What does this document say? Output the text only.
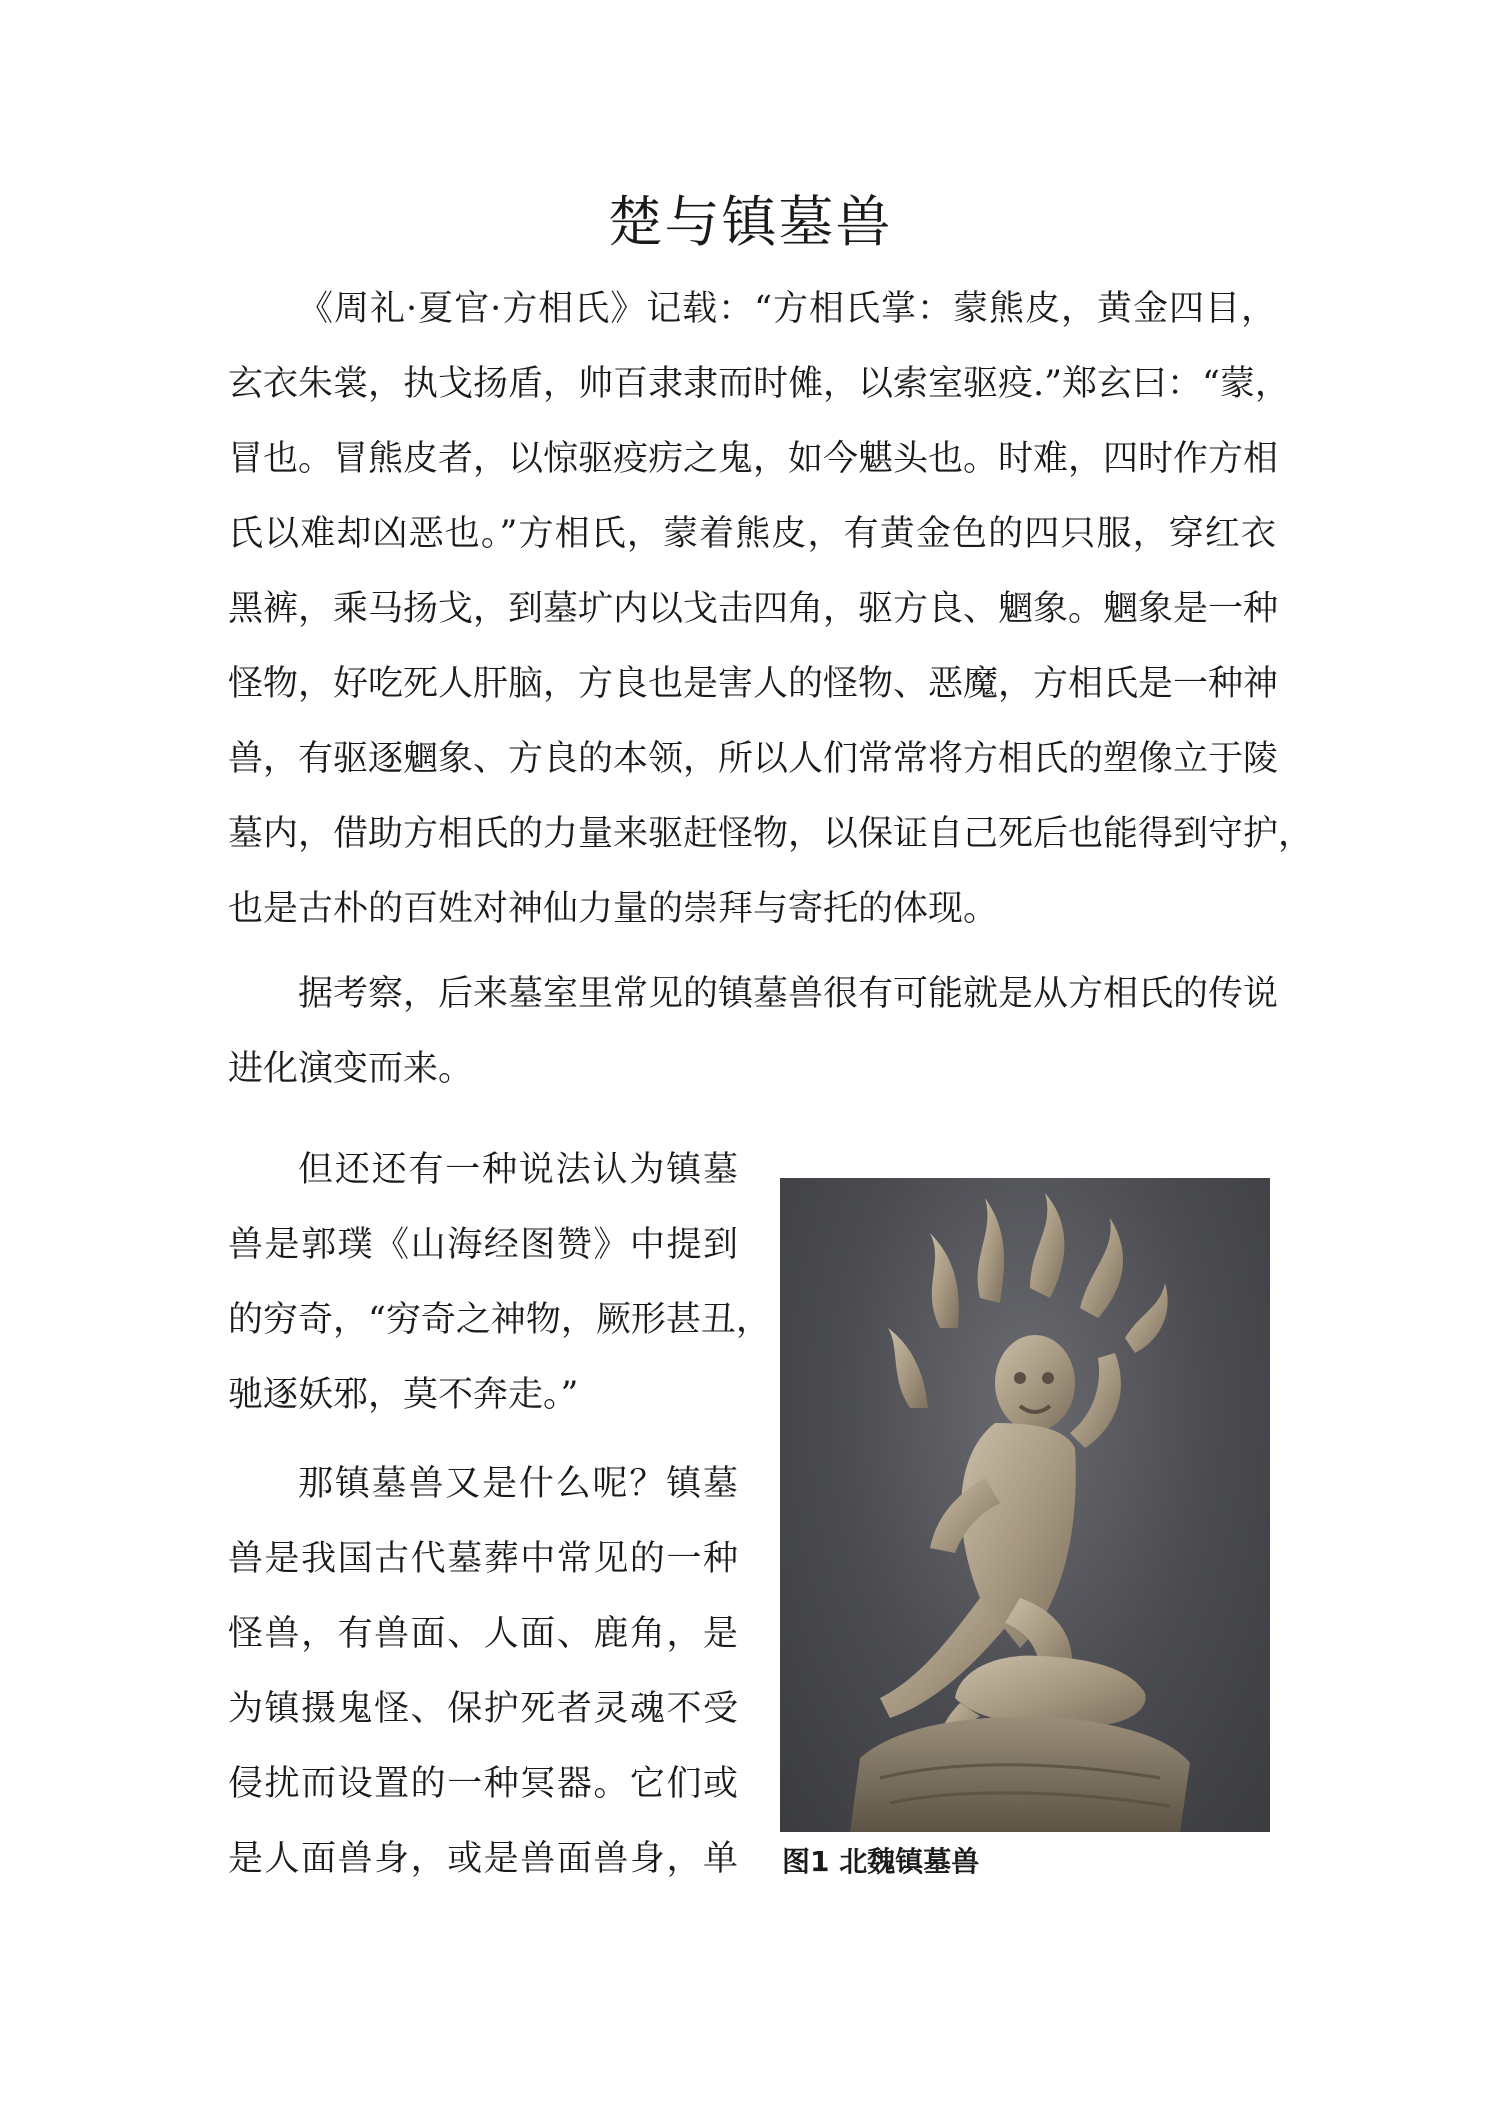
楚与镇墓兽
《周礼·夏官·方相氏》记载：“方相氏掌：蒙熊皮，黄金四目，
玄衣朱裳，执戈扬盾，帅百隶隶而时傩，以索室驱疫.”郑玄曰：“蒙，
冒也。冒熊皮者，以惊驱疫疠之鬼，如今魌头也。时难，四时作方相
氏以难却凶恶也。”方相氏，蒙着熊皮，有黄金色的四只服，穿红衣
黑裤，乘马扬戈，到墓圹内以戈击四角，驱方良、魍象。魍象是一种
怪物，好吃死人肝脑，方良也是害人的怪物、恶魔，方相氏是一种神
兽，有驱逐魍象、方良的本领，所以人们常常将方相氏的塑像立于陵
墓内，借助方相氏的力量来驱赶怪物，以保证自己死后也能得到守护，
也是古朴的百姓对神仙力量的崇拜与寄托的体现。
据考察，后来墓室里常见的镇墓兽很有可能就是从方相氏的传说
进化演变而来。
但还还有一种说法认为镇墓
兽是郭璞《山海经图赞》中提到
的穷奇，“穷奇之神物，厥形甚丑，
驰逐妖邪，莫不奔走。”
那镇墓兽又是什么呢？镇墓
兽是我国古代墓葬中常见的一种
怪兽，有兽面、人面、鹿角，是
为镇摄鬼怪、保护死者灵魂不受
侵扰而设置的一种冥器。它们或
是人面兽身，或是兽面兽身，单 图1 北魏镇墓兽
